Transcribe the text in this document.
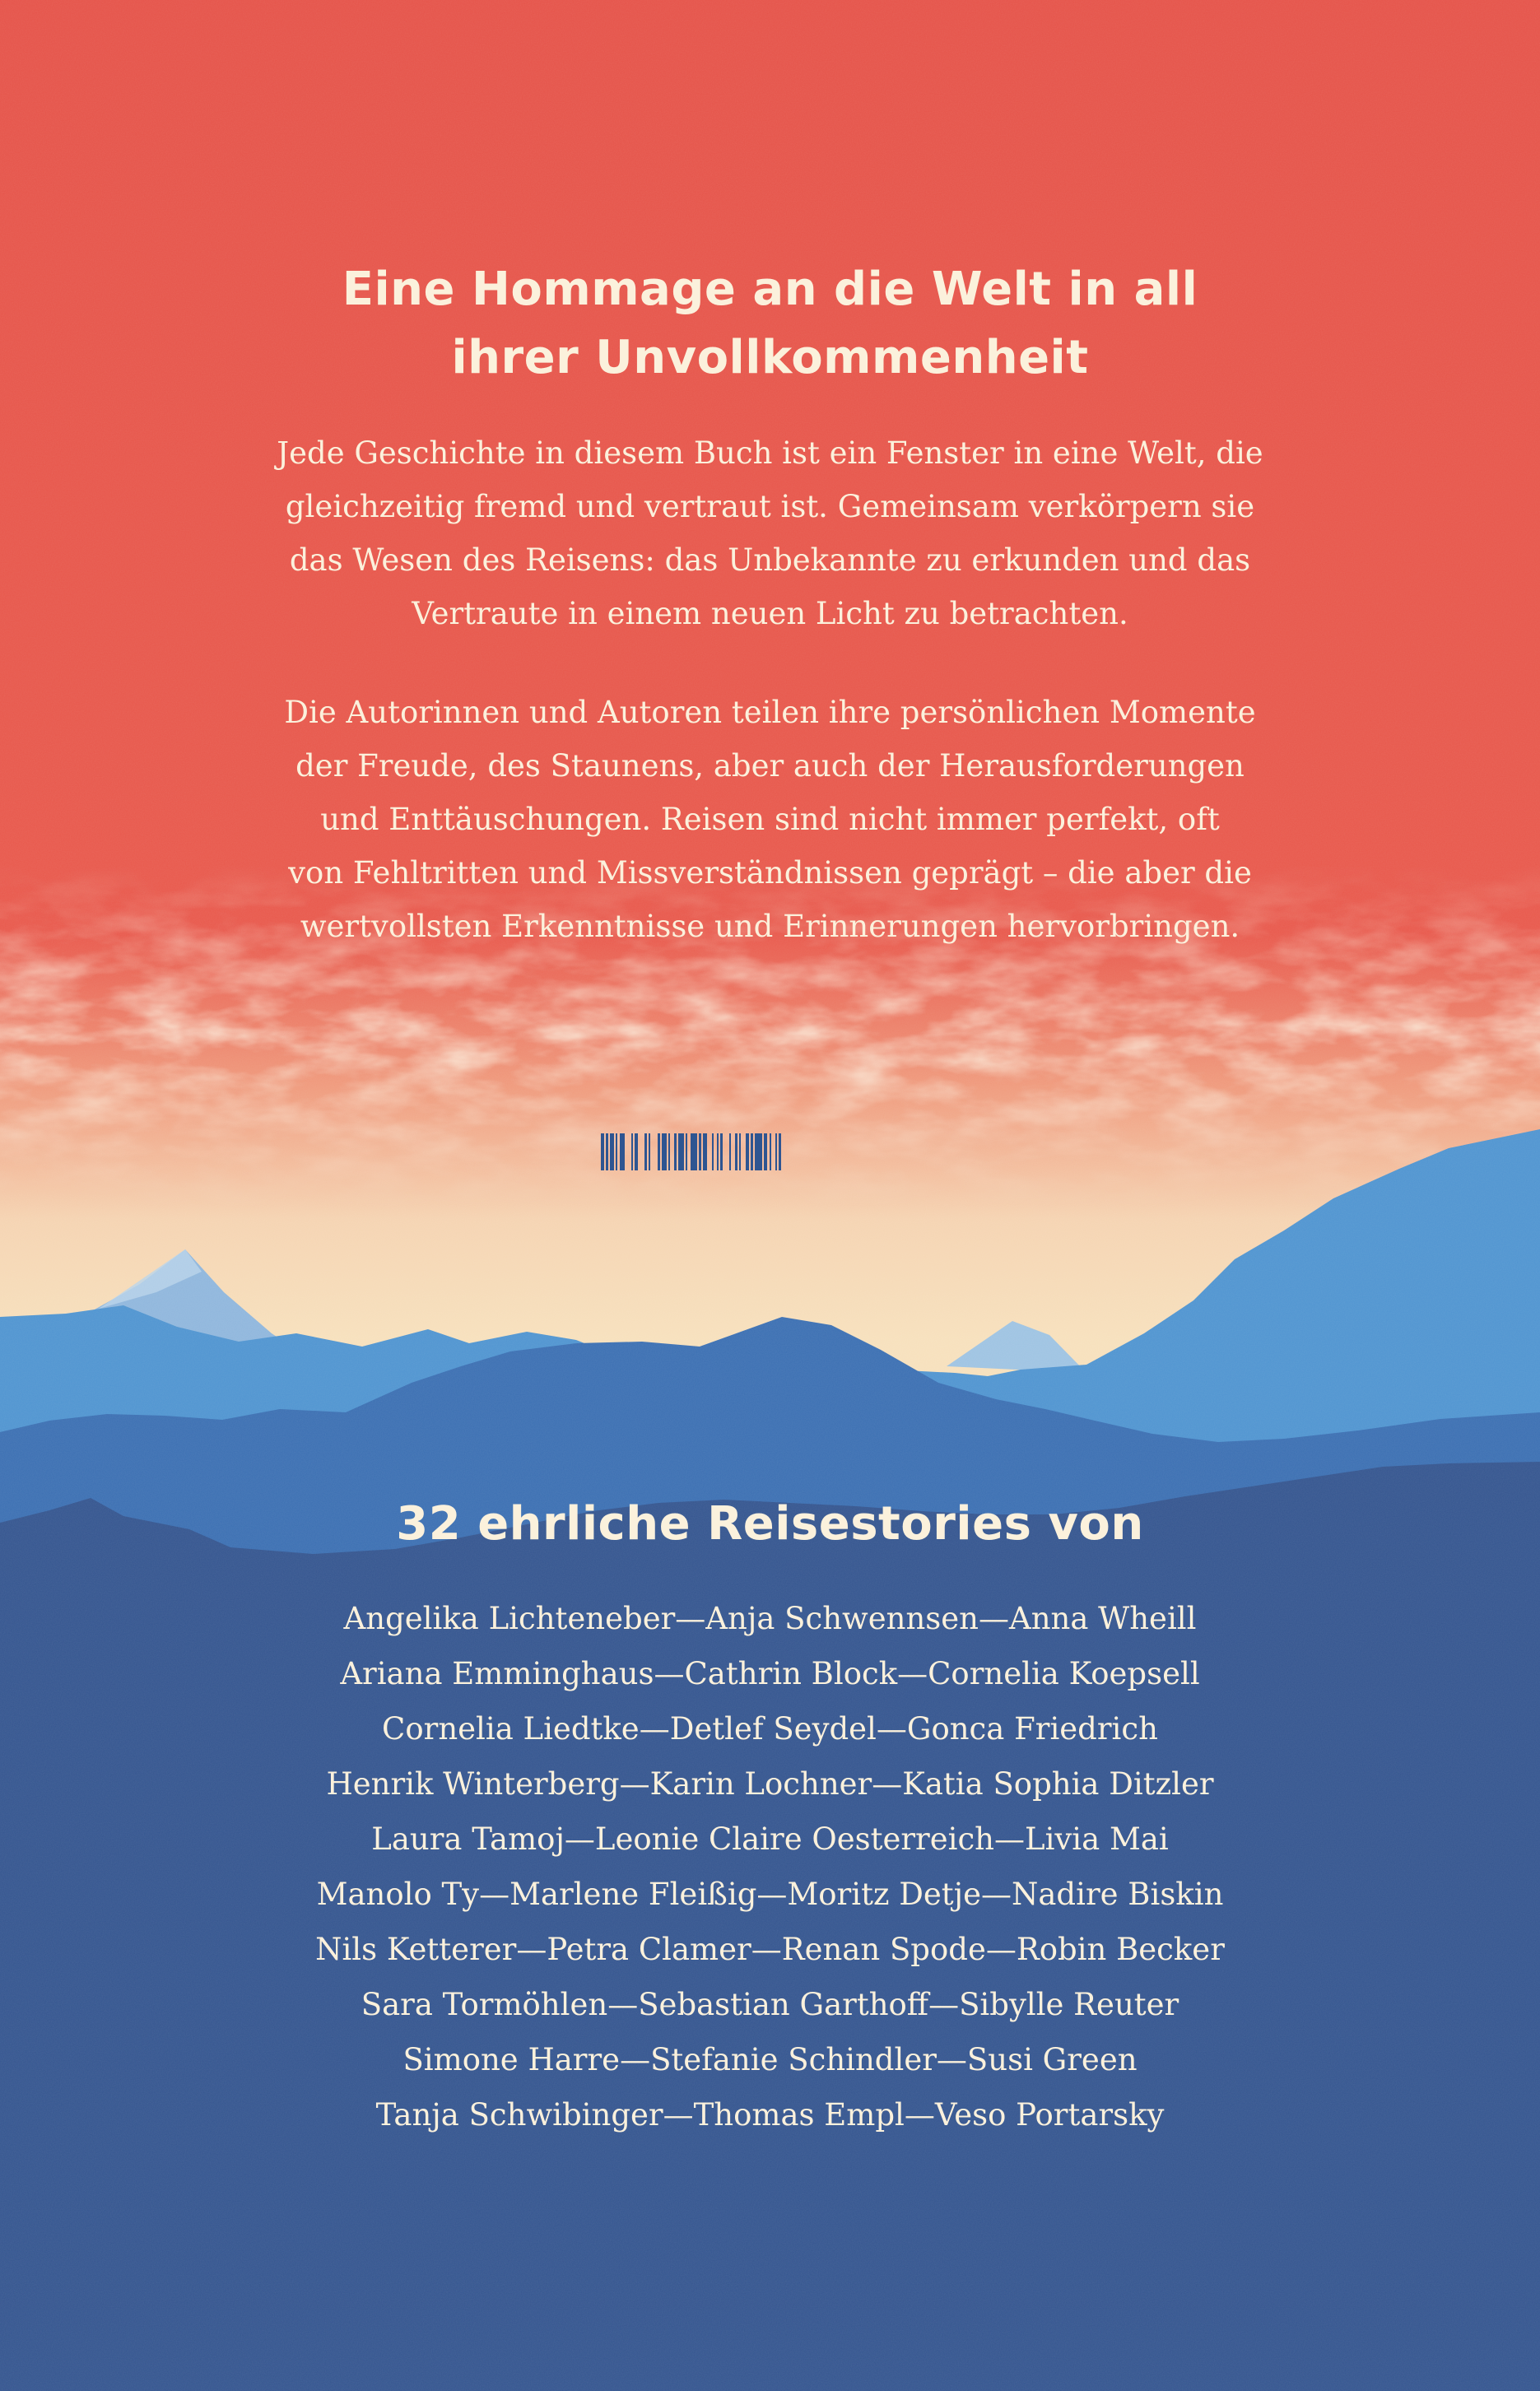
Eine Hommage an die Welt in all
ihrer Unvollkommenheit
Jede Geschichte in diesem Buch ist ein Fenster in eine Welt, die
gleichzeitig fremd und vertraut ist. Gemeinsam verkörpern sie
das Wesen des Reisens: das Unbekannte zu erkunden und das
Vertraute in einem neuen Licht zu betrachten.
Die Autorinnen und Autoren teilen ihre persönlichen Momente
der Freude, des Staunens, aber auch der Herausforderungen
und Enttäuschungen. Reisen sind nicht immer perfekt, oft
von Fehltritten und Missverständnissen geprägt – die aber die
wertvollsten Erkenntnisse und Erinnerungen hervorbringen.
32 ehrliche Reisestories von
Angelika Lichteneber—Anja Schwennsen—Anna Wheill
Ariana Emminghaus—Cathrin Block—Cornelia Koepsell
Cornelia Liedtke—Detlef Seydel—Gonca Friedrich
Henrik Winterberg—Karin Lochner—Katia Sophia Ditzler
Laura Tamoj—Leonie Claire Oesterreich—Livia Mai
Manolo Ty—Marlene Fleißig—Moritz Detje—Nadire Biskin
Nils Ketterer—Petra Clamer—Renan Spode—Robin Becker
Sara Tormöhlen—Sebastian Garthoff—Sibylle Reuter
Simone Harre—Stefanie Schindler—Susi Green
Tanja Schwibinger—Thomas Empl—Veso Portarsky
